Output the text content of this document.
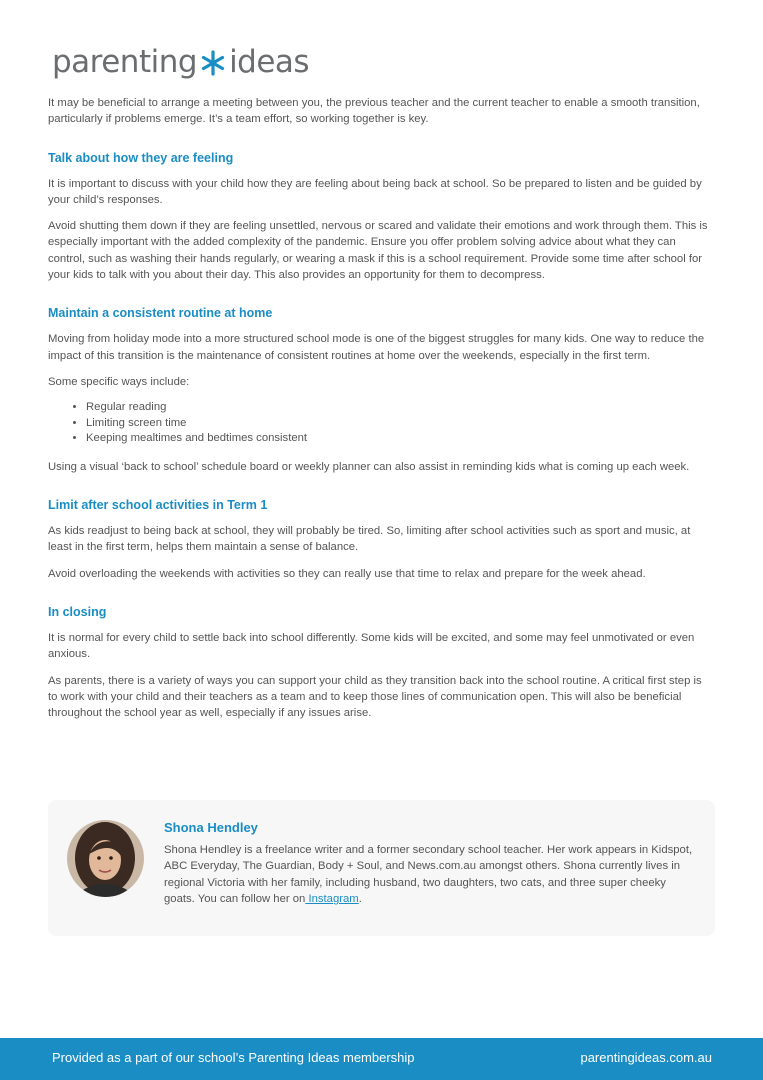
parenting ideas

It may be beneficial to arrange a meeting between you, the previous teacher and the current teacher to enable a smooth transition, particularly if problems emerge. It’s a team effort, so working together is key.

Talk about how they are feeling

It is important to discuss with your child how they are feeling about being back at school. So be prepared to listen and be guided by your child’s responses.

Avoid shutting them down if they are feeling unsettled, nervous or scared and validate their emotions and work through them. This is especially important with the added complexity of the pandemic. Ensure you offer problem solving advice about what they can control, such as washing their hands regularly, or wearing a mask if this is a school requirement. Provide some time after school for your kids to talk with you about their day. This also provides an opportunity for them to decompress.

Maintain a consistent routine at home

Moving from holiday mode into a more structured school mode is one of the biggest struggles for many kids. One way to reduce the impact of this transition is the maintenance of consistent routines at home over the weekends, especially in the first term.

Some specific ways include:

• Regular reading
• Limiting screen time
• Keeping mealtimes and bedtimes consistent

Using a visual ‘back to school’ schedule board or weekly planner can also assist in reminding kids what is coming up each week.

Limit after school activities in Term 1

As kids readjust to being back at school, they will probably be tired. So, limiting after school activities such as sport and music, at least in the first term, helps them maintain a sense of balance.

Avoid overloading the weekends with activities so they can really use that time to relax and prepare for the week ahead.

In closing

It is normal for every child to settle back into school differently. Some kids will be excited, and some may feel unmotivated or even anxious.

As parents, there is a variety of ways you can support your child as they transition back into the school routine. A critical first step is to work with your child and their teachers as a team and to keep those lines of communication open. This will also be beneficial throughout the school year as well, especially if any issues arise.

Shona Hendley
Shona Hendley is a freelance writer and a former secondary school teacher. Her work appears in Kidspot, ABC Everyday, The Guardian, Body + Soul, and News.com.au amongst others. Shona currently lives in regional Victoria with her family, including husband, two daughters, two cats, and three super cheeky goats. You can follow her on Instagram.
Provided as a part of our school’s Parenting Ideas membership	parentingideas.com.au
